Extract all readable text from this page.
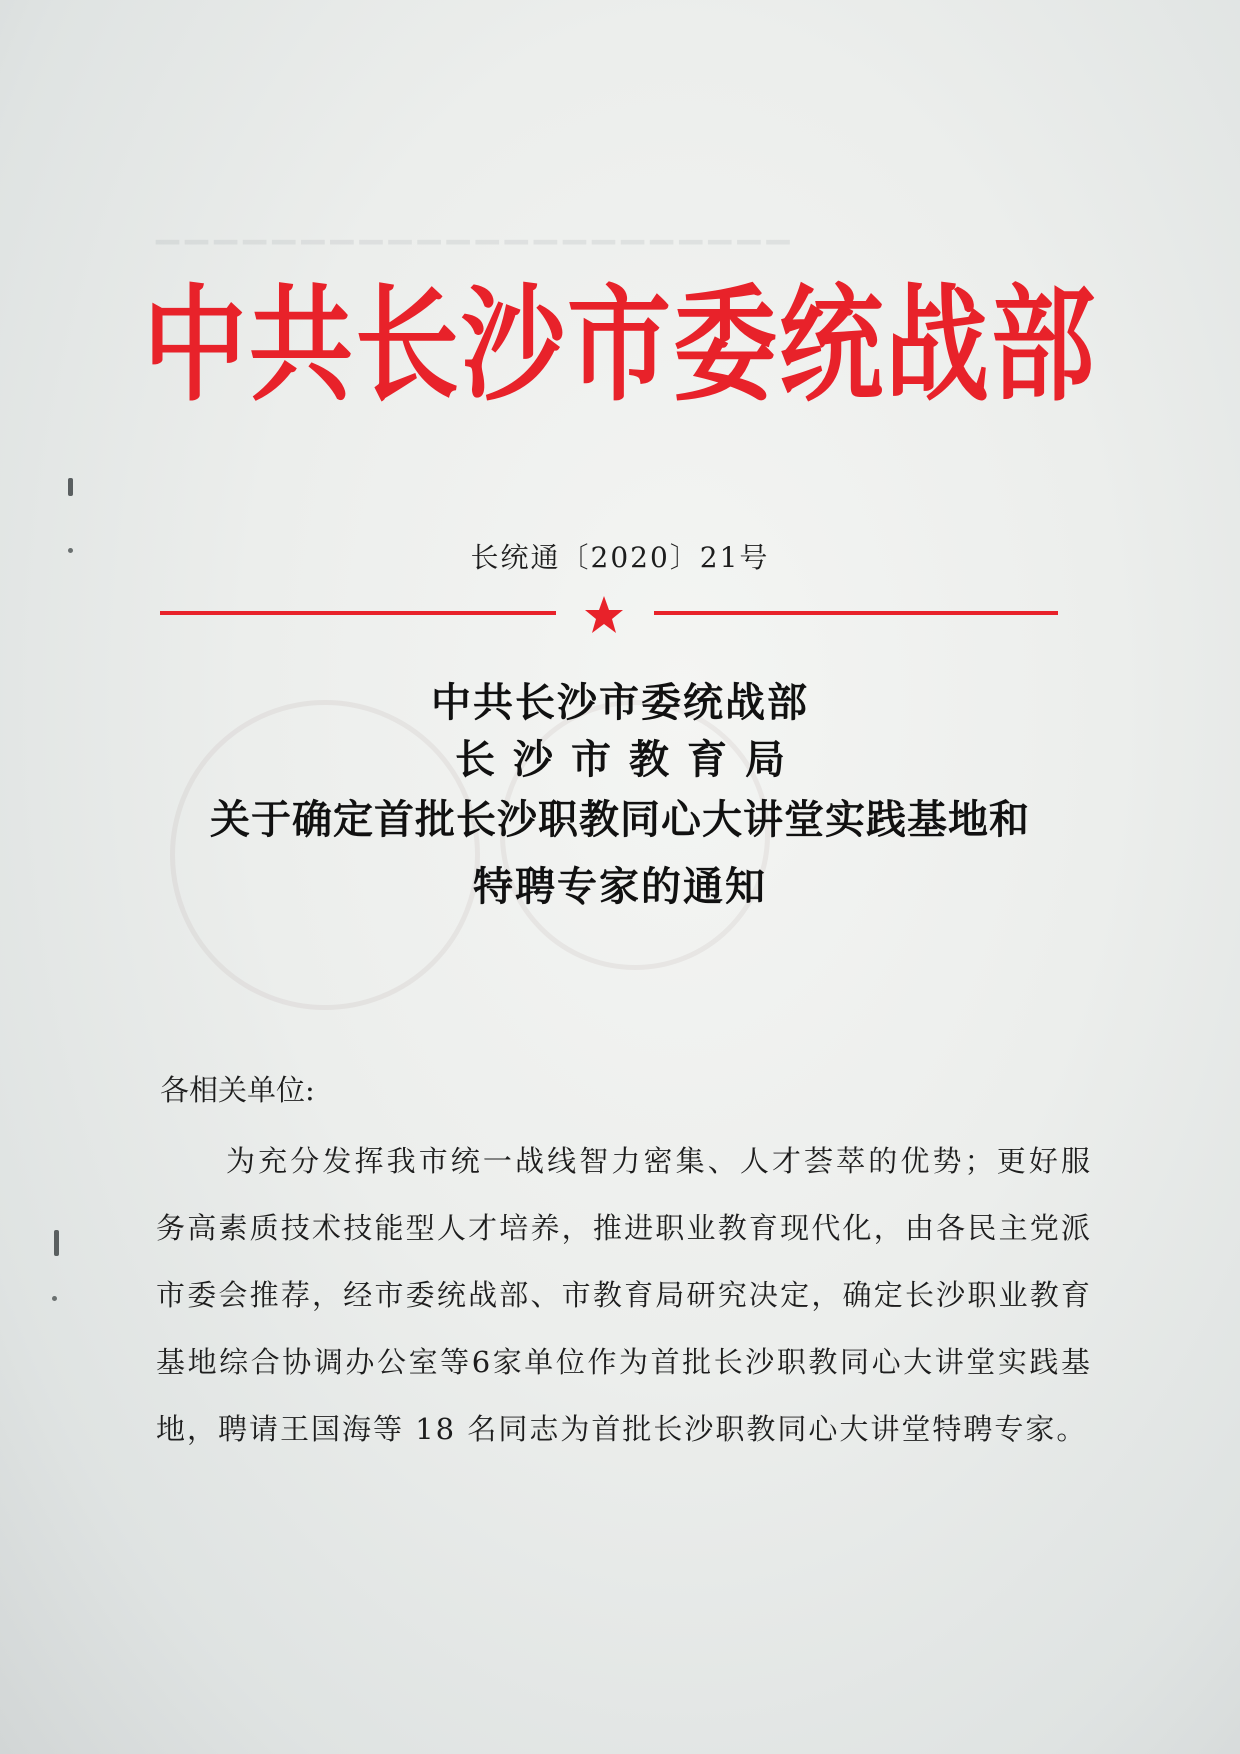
▁▁▁▁▁▁▁▁▁▁▁▁▁▁▁▁▁▁▁▁▁▁
中共长沙市委统战部
长统通〔2020〕21号
中共长沙市委统战部
长沙市教育局
关于确定首批长沙职教同心大讲堂实践基地和
特聘专家的通知
各相关单位:
为充分发挥我市统一战线智力密集、人才荟萃的优势；更好服务高素质技术技能型人才培养，推进职业教育现代化，由各民主党派市委会推荐，经市委统战部、市教育局研究决定，确定长沙职业教育基地综合协调办公室等6家单位作为首批长沙职教同心大讲堂实践基地，聘请王国海等 18 名同志为首批长沙职教同心大讲堂特聘专家。
